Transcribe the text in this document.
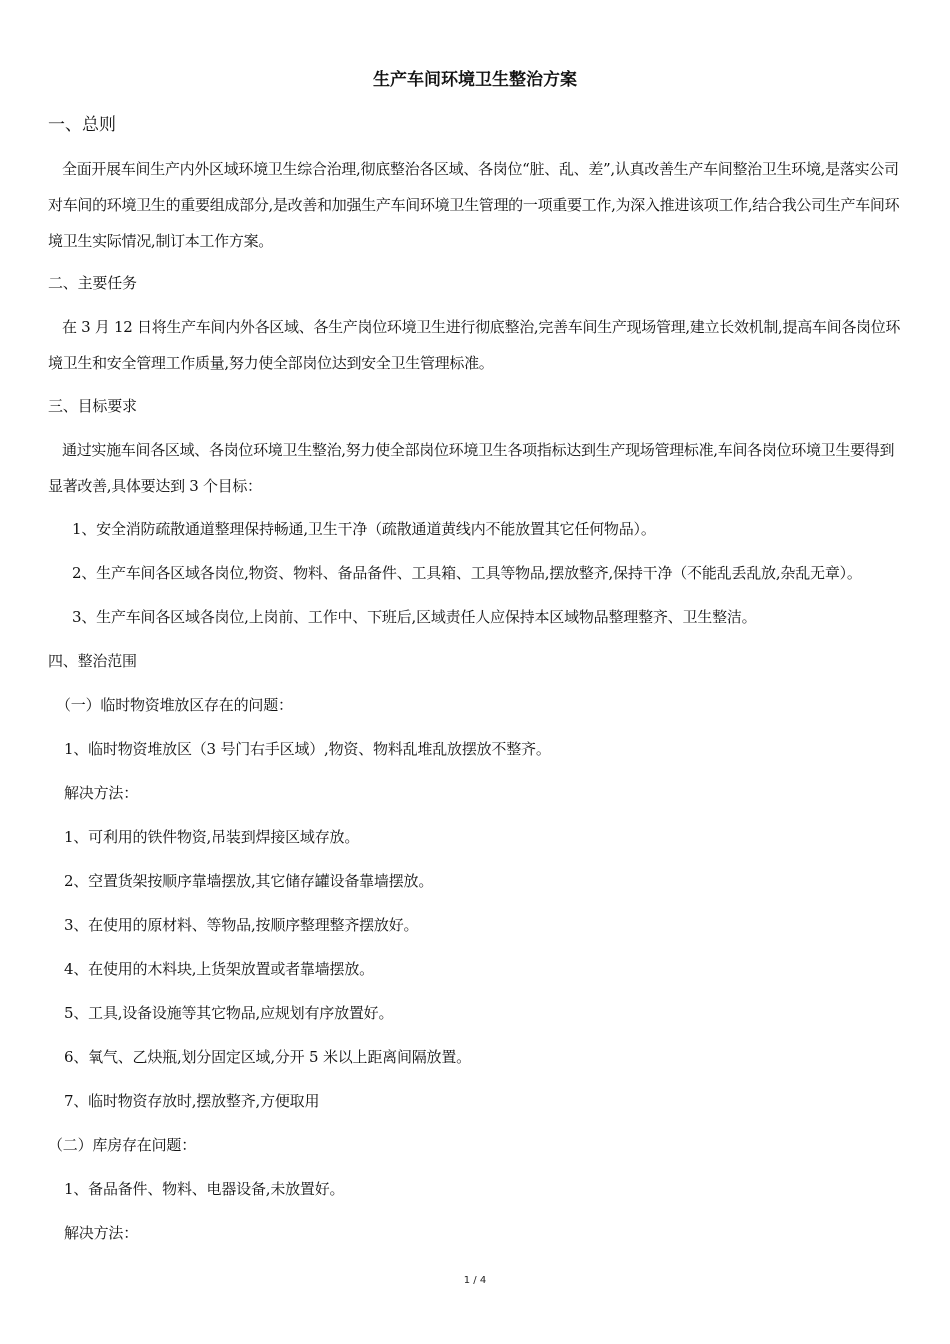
生产车间环境卫生整治方案
一、总则
全面开展车间生产内外区域环境卫生综合治理,彻底整治各区域、各岗位“脏、乱、差”,认真改善生产车间整治卫生环境,是落实公司对车间的环境卫生的重要组成部分,是改善和加强生产车间环境卫生管理的一项重要工作,为深入推进该项工作,结合我公司生产车间环境卫生实际情况,制订本工作方案。
二、主要任务
在 3 月 12 日将生产车间内外各区域、各生产岗位环境卫生进行彻底整治,完善车间生产现场管理,建立长效机制,提高车间各岗位环境卫生和安全管理工作质量,努力使全部岗位达到安全卫生管理标准。
三、目标要求
通过实施车间各区域、各岗位环境卫生整治,努力使全部岗位环境卫生各项指标达到生产现场管理标准,车间各岗位环境卫生要得到显著改善,具体要达到 3 个目标：
1、安全消防疏散通道整理保持畅通,卫生干净（疏散通道黄线内不能放置其它任何物品）。
2、生产车间各区域各岗位,物资、物料、备品备件、工具箱、工具等物品,摆放整齐,保持干净（不能乱丢乱放,杂乱无章）。
3、生产车间各区域各岗位,上岗前、工作中、下班后,区域责任人应保持本区域物品整理整齐、卫生整洁。
四、整治范围
（一）临时物资堆放区存在的问题：
1、临时物资堆放区（3 号门右手区域）,物资、物料乱堆乱放摆放不整齐。
解决方法：
1、可利用的铁件物资,吊装到焊接区域存放。
2、空置货架按顺序靠墙摆放,其它储存罐设备靠墙摆放。
3、在使用的原材料、等物品,按顺序整理整齐摆放好。
4、在使用的木料块,上货架放置或者靠墙摆放。
5、工具,设备设施等其它物品,应规划有序放置好。
6、氧气、乙炔瓶,划分固定区域,分开 5 米以上距离间隔放置。
7、临时物资存放时,摆放整齐,方便取用
（二）库房存在问题：
1、备品备件、物料、电器设备,未放置好。
解决方法：
1 / 4
